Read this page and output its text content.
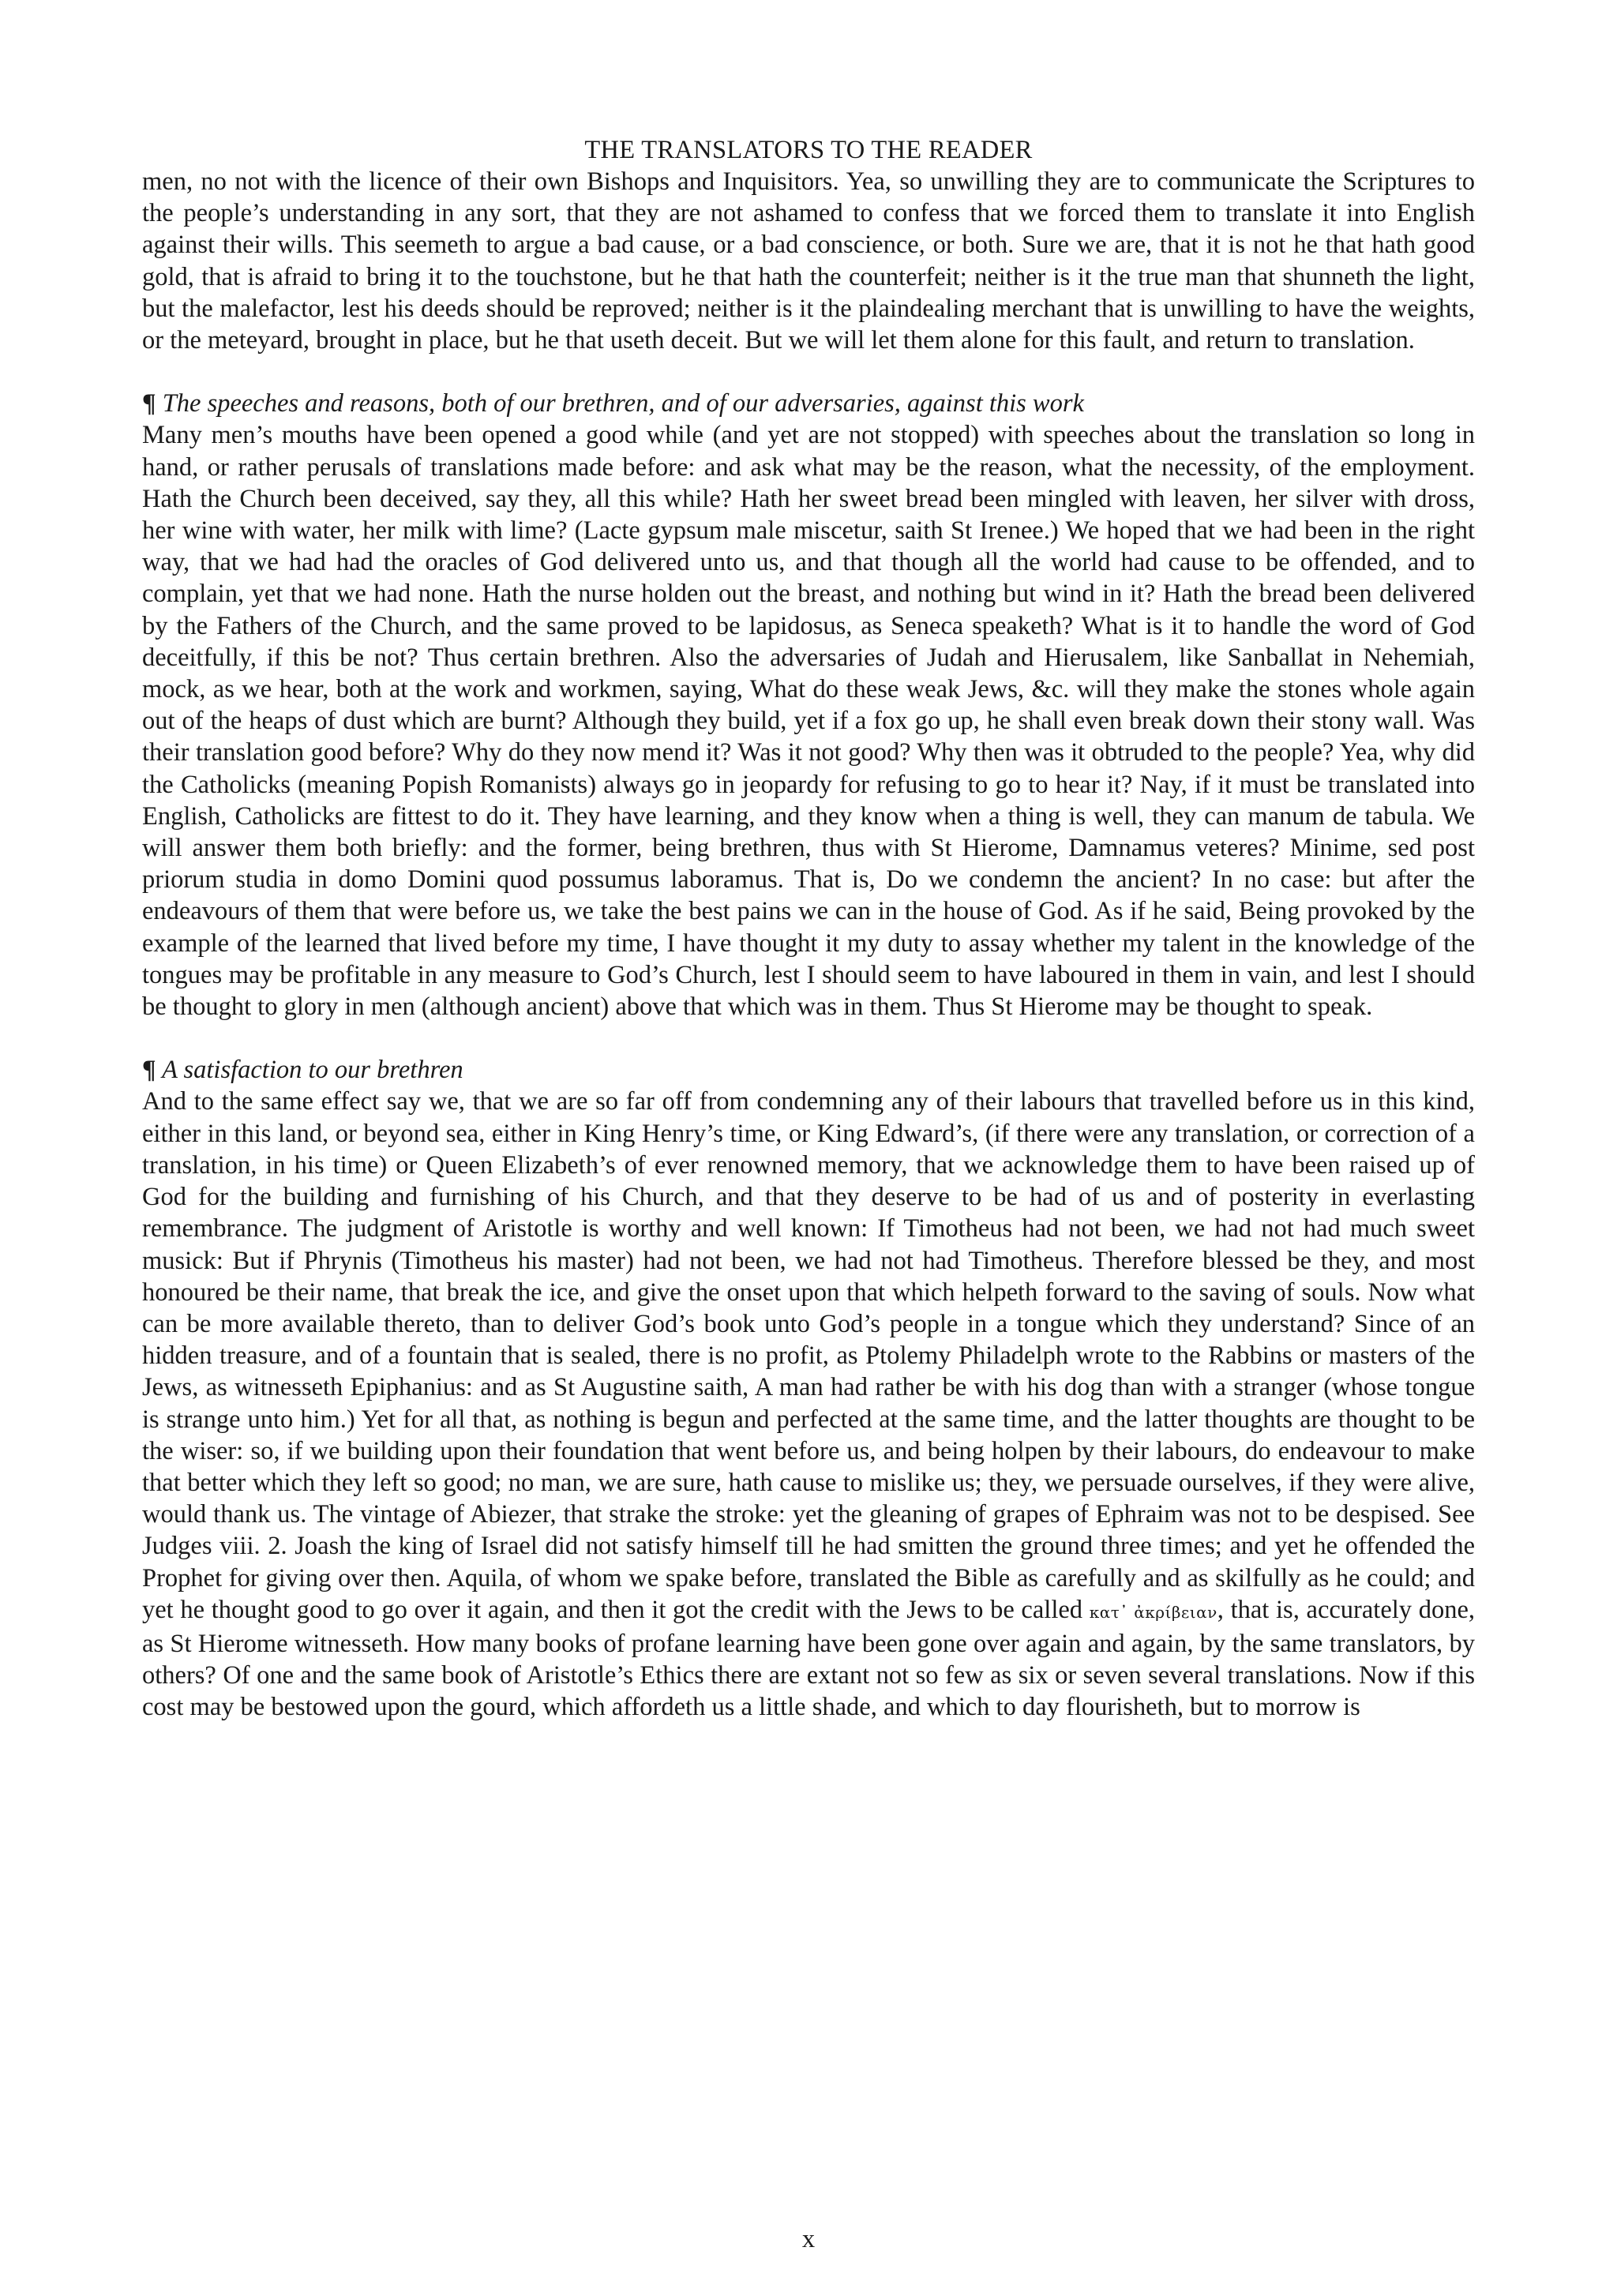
THE TRANSLATORS TO THE READER

men, no not with the licence of their own Bishops and Inquisitors. Yea, so unwilling they are to communicate the Scriptures to the people’s understanding in any sort, that they are not ashamed to confess that we forced them to translate it into English against their wills. This seemeth to argue a bad cause, or a bad conscience, or both. Sure we are, that it is not he that hath good gold, that is afraid to bring it to the touchstone, but he that hath the counterfeit; neither is it the true man that shunneth the light, but the malefactor, lest his deeds should be reproved; neither is it the plaindealing merchant that is unwilling to have the weights, or the meteyard, brought in place, but he that useth deceit. But we will let them alone for this fault, and return to translation.

¶ The speeches and reasons, both of our brethren, and of our adversaries, against this work

Many men’s mouths have been opened a good while (and yet are not stopped) with speeches about the translation so long in hand, or rather perusals of translations made before: and ask what may be the reason, what the necessity, of the employment. Hath the Church been deceived, say they, all this while? Hath her sweet bread been mingled with leaven, her silver with dross, her wine with water, her milk with lime? (Lacte gypsum male miscetur, saith St Irenee.) We hoped that we had been in the right way, that we had had the oracles of God delivered unto us, and that though all the world had cause to be offended, and to complain, yet that we had none. Hath the nurse holden out the breast, and nothing but wind in it? Hath the bread been delivered by the Fathers of the Church, and the same proved to be lapidosus, as Seneca speaketh? What is it to handle the word of God deceitfully, if this be not? Thus certain brethren. Also the adversaries of Judah and Hierusalem, like Sanballat in Nehemiah, mock, as we hear, both at the work and workmen, saying, What do these weak Jews, &c. will they make the stones whole again out of the heaps of dust which are burnt? Although they build, yet if a fox go up, he shall even break down their stony wall. Was their translation good before? Why do they now mend it? Was it not good? Why then was it obtruded to the people? Yea, why did the Catholicks (meaning Popish Romanists) always go in jeopardy for refusing to go to hear it? Nay, if it must be translated into English, Catholicks are fittest to do it. They have learning, and they know when a thing is well, they can manum de tabula. We will answer them both briefly: and the former, being brethren, thus with St Hierome, Damnamus veteres? Minime, sed post priorum studia in domo Domini quod possumus laboramus. That is, Do we condemn the ancient? In no case: but after the endeavours of them that were before us, we take the best pains we can in the house of God. As if he said, Being provoked by the example of the learned that lived before my time, I have thought it my duty to assay whether my talent in the knowledge of the tongues may be profitable in any measure to God’s Church, lest I should seem to have laboured in them in vain, and lest I should be thought to glory in men (although ancient) above that which was in them. Thus St Hierome may be thought to speak.

¶ A satisfaction to our brethren

And to the same effect say we, that we are so far off from condemning any of their labours that travelled before us in this kind, either in this land, or beyond sea, either in King Henry’s time, or King Edward’s, (if there were any translation, or correction of a translation, in his time) or Queen Elizabeth’s of ever renowned memory, that we acknowledge them to have been raised up of God for the building and furnishing of his Church, and that they deserve to be had of us and of posterity in everlasting remembrance. The judgment of Aristotle is worthy and well known: If Timotheus had not been, we had not had much sweet musick: But if Phrynis (Timotheus his master) had not been, we had not had Timotheus. Therefore blessed be they, and most honoured be their name, that break the ice, and give the onset upon that which helpeth forward to the saving of souls. Now what can be more available thereto, than to deliver God’s book unto God’s people in a tongue which they understand? Since of an hidden treasure, and of a fountain that is sealed, there is no profit, as Ptolemy Philadelph wrote to the Rabbins or masters of the Jews, as witnesseth Epiphanius: and as St Augustine saith, A man had rather be with his dog than with a stranger (whose tongue is strange unto him.) Yet for all that, as nothing is begun and perfected at the same time, and the latter thoughts are thought to be the wiser: so, if we building upon their foundation that went before us, and being holpen by their labours, do endeavour to make that better which they left so good; no man, we are sure, hath cause to mislike us; they, we persuade ourselves, if they were alive, would thank us. The vintage of Abiezer, that strake the stroke: yet the gleaning of grapes of Ephraim was not to be despised. See Judges viii. 2. Joash the king of Israel did not satisfy himself till he had smitten the ground three times; and yet he offended the Prophet for giving over then. Aquila, of whom we spake before, translated the Bible as carefully and as skilfully as he could; and yet he thought good to go over it again, and then it got the credit with the Jews to be called κατ᾽ ἀκρίβειαν, that is, accurately done, as St Hierome witnesseth. How many books of profane learning have been gone over again and again, by the same translators, by others? Of one and the same book of Aristotle’s Ethics there are extant not so few as six or seven several translations. Now if this cost may be bestowed upon the gourd, which affordeth us a little shade, and which to day flourisheth, but to morrow is

x
